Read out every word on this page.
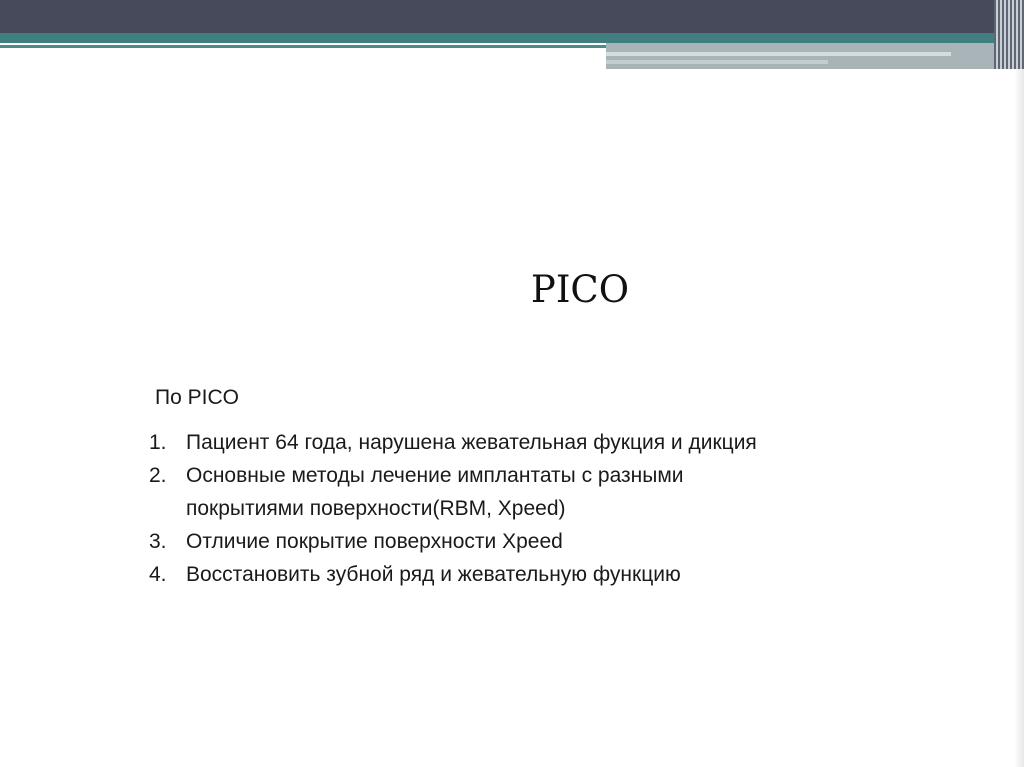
PICO

По PICO

1. Пациент 64 года, нарушена жевательная фукция и дикция
2. Основные методы лечение имплантаты с разными покрытиями поверхности(RBM, Xpeed)
3. Отличие покрытие поверхности Xpeed
4. Восстановить зубной ряд и жевательную функцию
